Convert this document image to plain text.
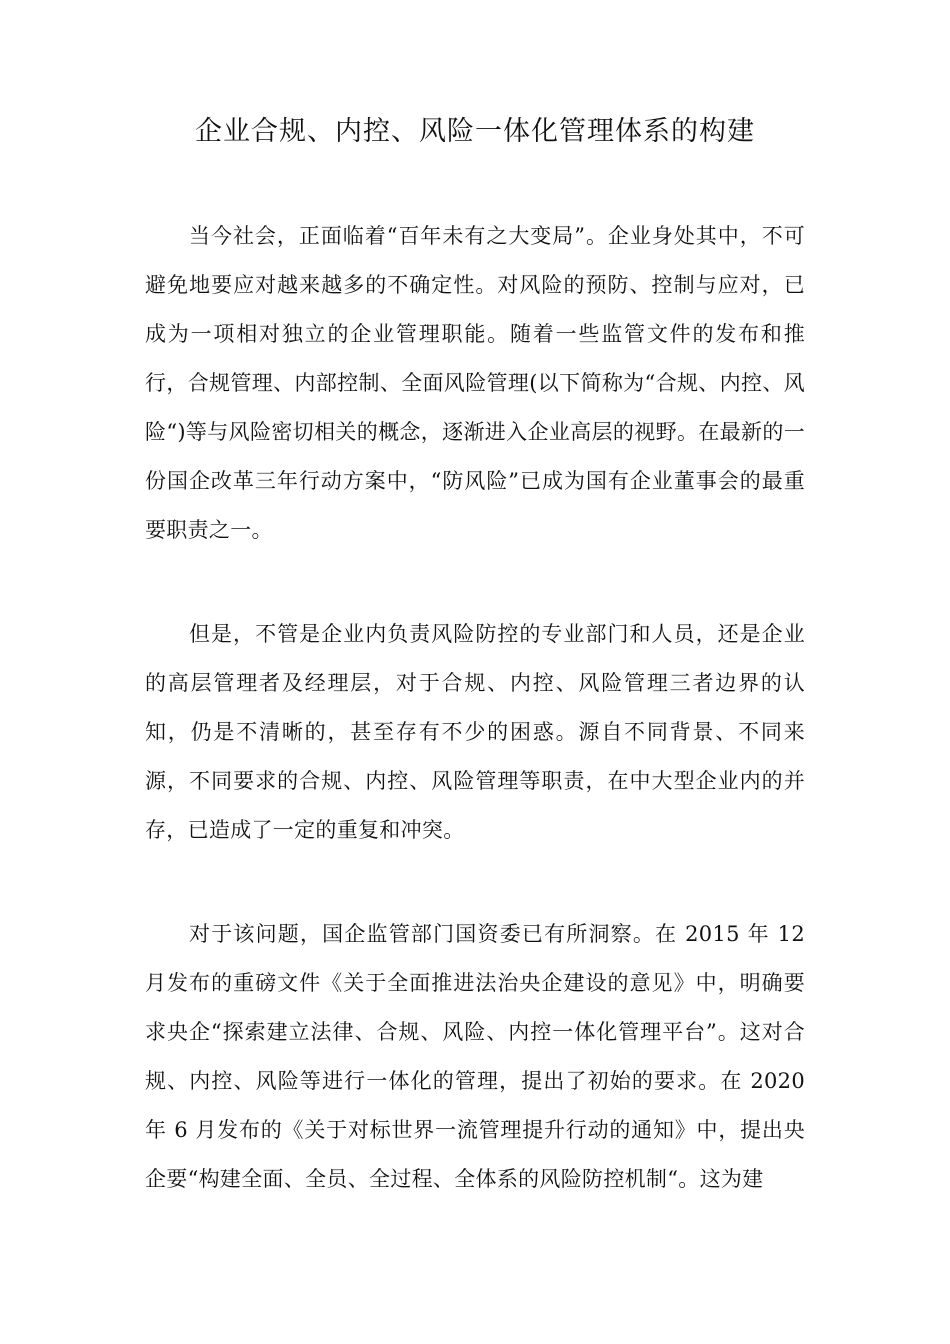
企业合规、内控、风险一体化管理体系的构建

当今社会，正面临着“百年未有之大变局”。企业身处其中，不可避免地要应对越来越多的不确定性。对风险的预防、控制与应对，已成为一项相对独立的企业管理职能。随着一些监管文件的发布和推行，合规管理、内部控制、全面风险管理(以下简称为“合规、内控、风险“)等与风险密切相关的概念，逐渐进入企业高层的视野。在最新的一份国企改革三年行动方案中，“防风险”已成为国有企业董事会的最重要职责之一。

但是，不管是企业内负责风险防控的专业部门和人员，还是企业的高层管理者及经理层，对于合规、内控、风险管理三者边界的认知，仍是不清晰的，甚至存有不少的困惑。源自不同背景、不同来源，不同要求的合规、内控、风险管理等职责，在中大型企业内的并存，已造成了一定的重复和冲突。

对于该问题，国企监管部门国资委已有所洞察。在 2015 年 12 月发布的重磅文件《关于全面推进法治央企建设的意见》中，明确要求央企“探索建立法律、合规、风险、内控一体化管理平台”。这对合规、内控、风险等进行一体化的管理，提出了初始的要求。在 2020 年 6 月发布的《关于对标世界一流管理提升行动的通知》中，提出央企要“构建全面、全员、全过程、全体系的风险防控机制“。这为建
